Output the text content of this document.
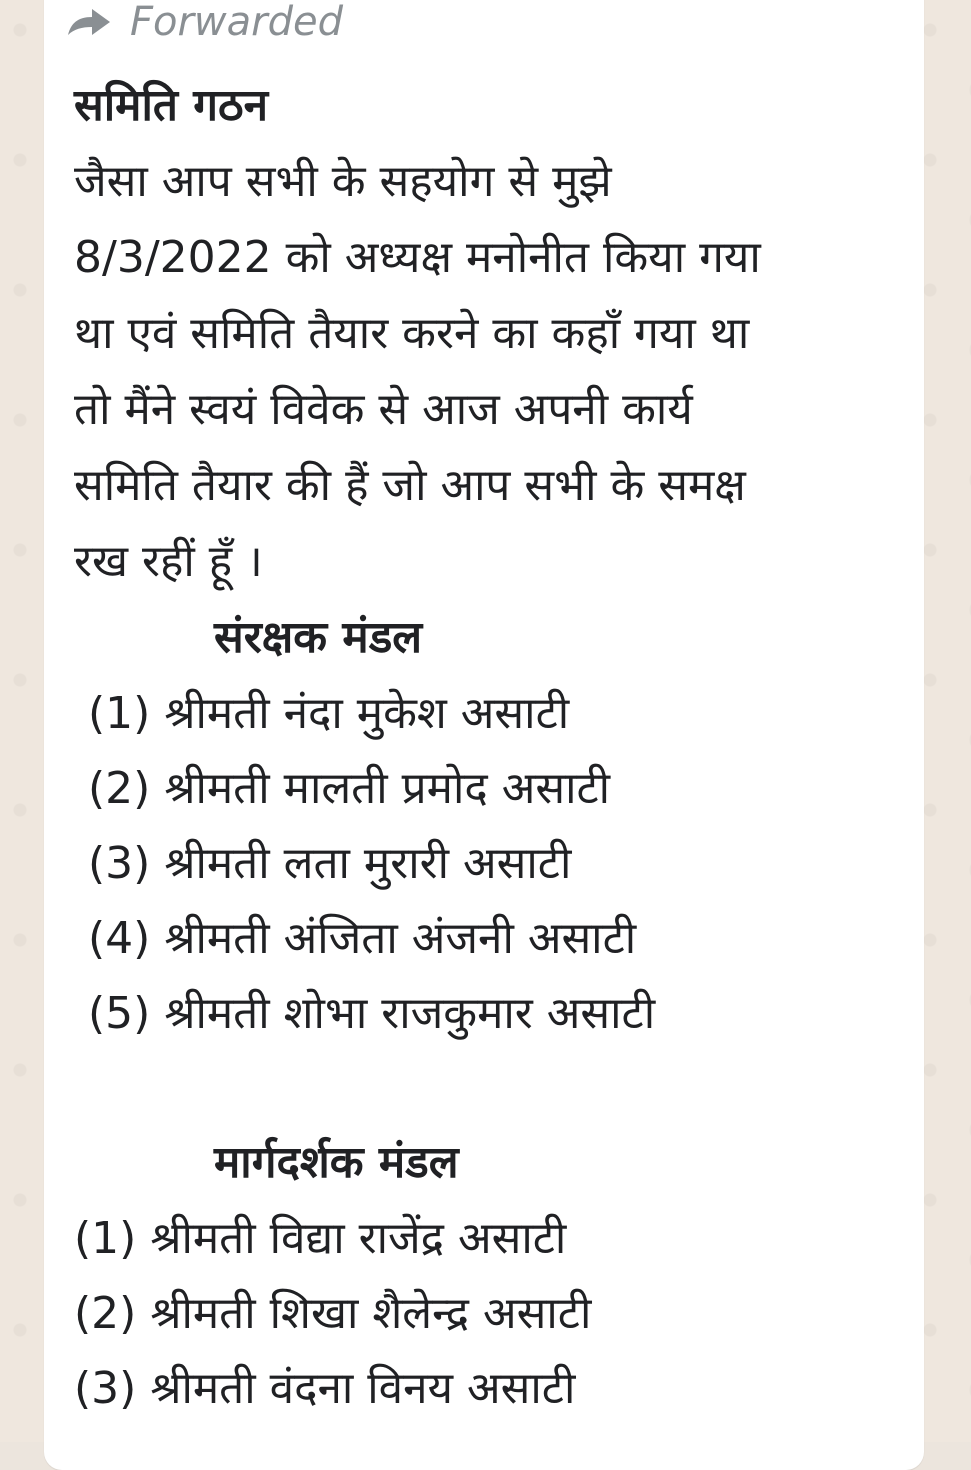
Forwarded

समिति गठन

जैसा आप सभी के सहयोग से मुझे

8/3/2022 को अध्यक्ष मनोनीत किया गया

था एवं समिति तैयार करने का कहाँ गया था

तो मैंने स्वयं विवेक से आज अपनी कार्य

समिति तैयार की हैं जो आप सभी के समक्ष

रख रहीं हूँ ।

संरक्षक मंडल

(1) श्रीमती नंदा मुकेश असाटी

(2) श्रीमती मालती प्रमोद असाटी

(3) श्रीमती लता मुरारी असाटी

(4) श्रीमती अंजिता अंजनी असाटी

(5) श्रीमती शोभा राजकुमार असाटी

मार्गदर्शक मंडल

(1) श्रीमती विद्या राजेंद्र असाटी

(2) श्रीमती शिखा शैलेन्द्र असाटी

(3) श्रीमती वंदना विनय असाटी
